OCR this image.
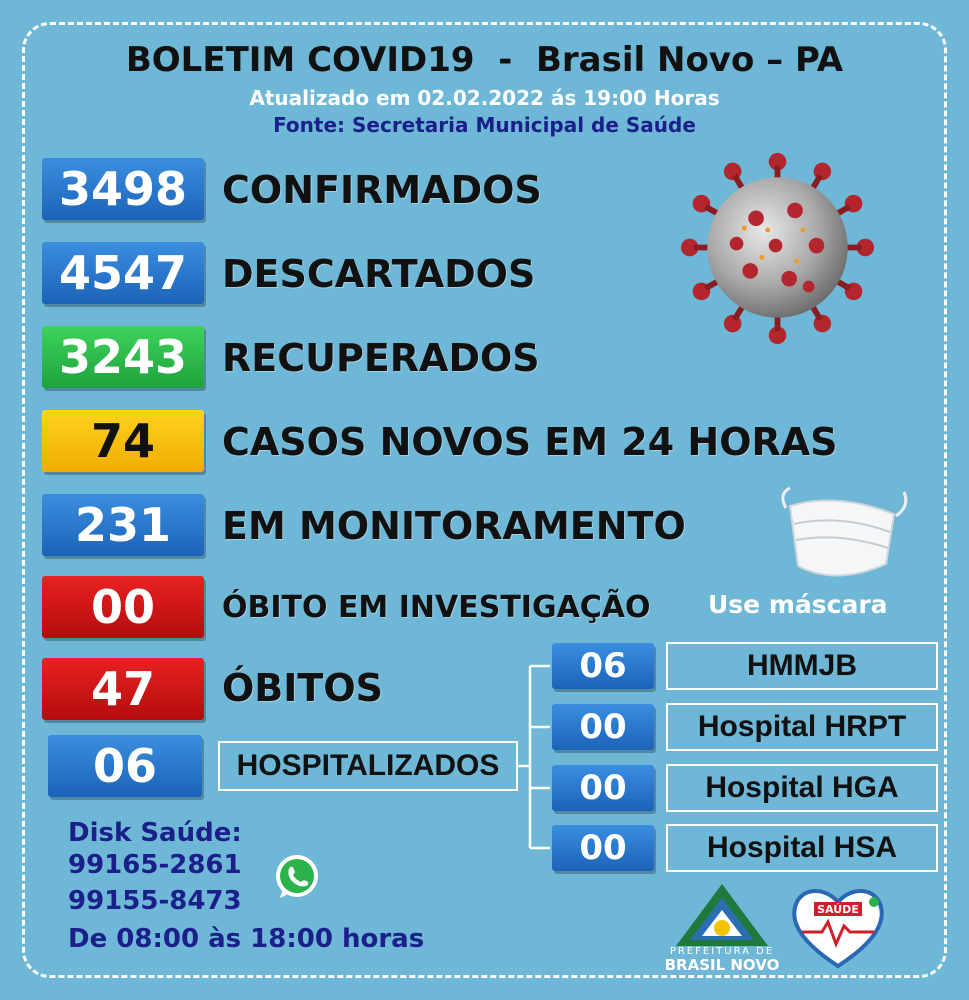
BOLETIM COVID19  -  Brasil Novo – PA
Atualizado em 02.02.2022 ás 19:00 Horas
Fonte: Secretaria Municipal de Saúde
3498 CONFIRMADOS
4547 DESCARTADOS
3243 RECUPERADOS
74	CASOS NOVOS EM 24 HORAS
231	EM MONITORAMENTO
00	ÓBITO EM INVESTIGAÇÃO
47	ÓBITOS
06	HOSPITALIZADOS
06	HMMJB
00	Hospital HRPT
00	Hospital HGA
00	Hospital HSA
Use máscara
Disk Saúde:
99165-2861
99155-8473
De 08:00 às 18:00 horas	PREFEITURA DE
BRASIL NOVO
SAÚDE
